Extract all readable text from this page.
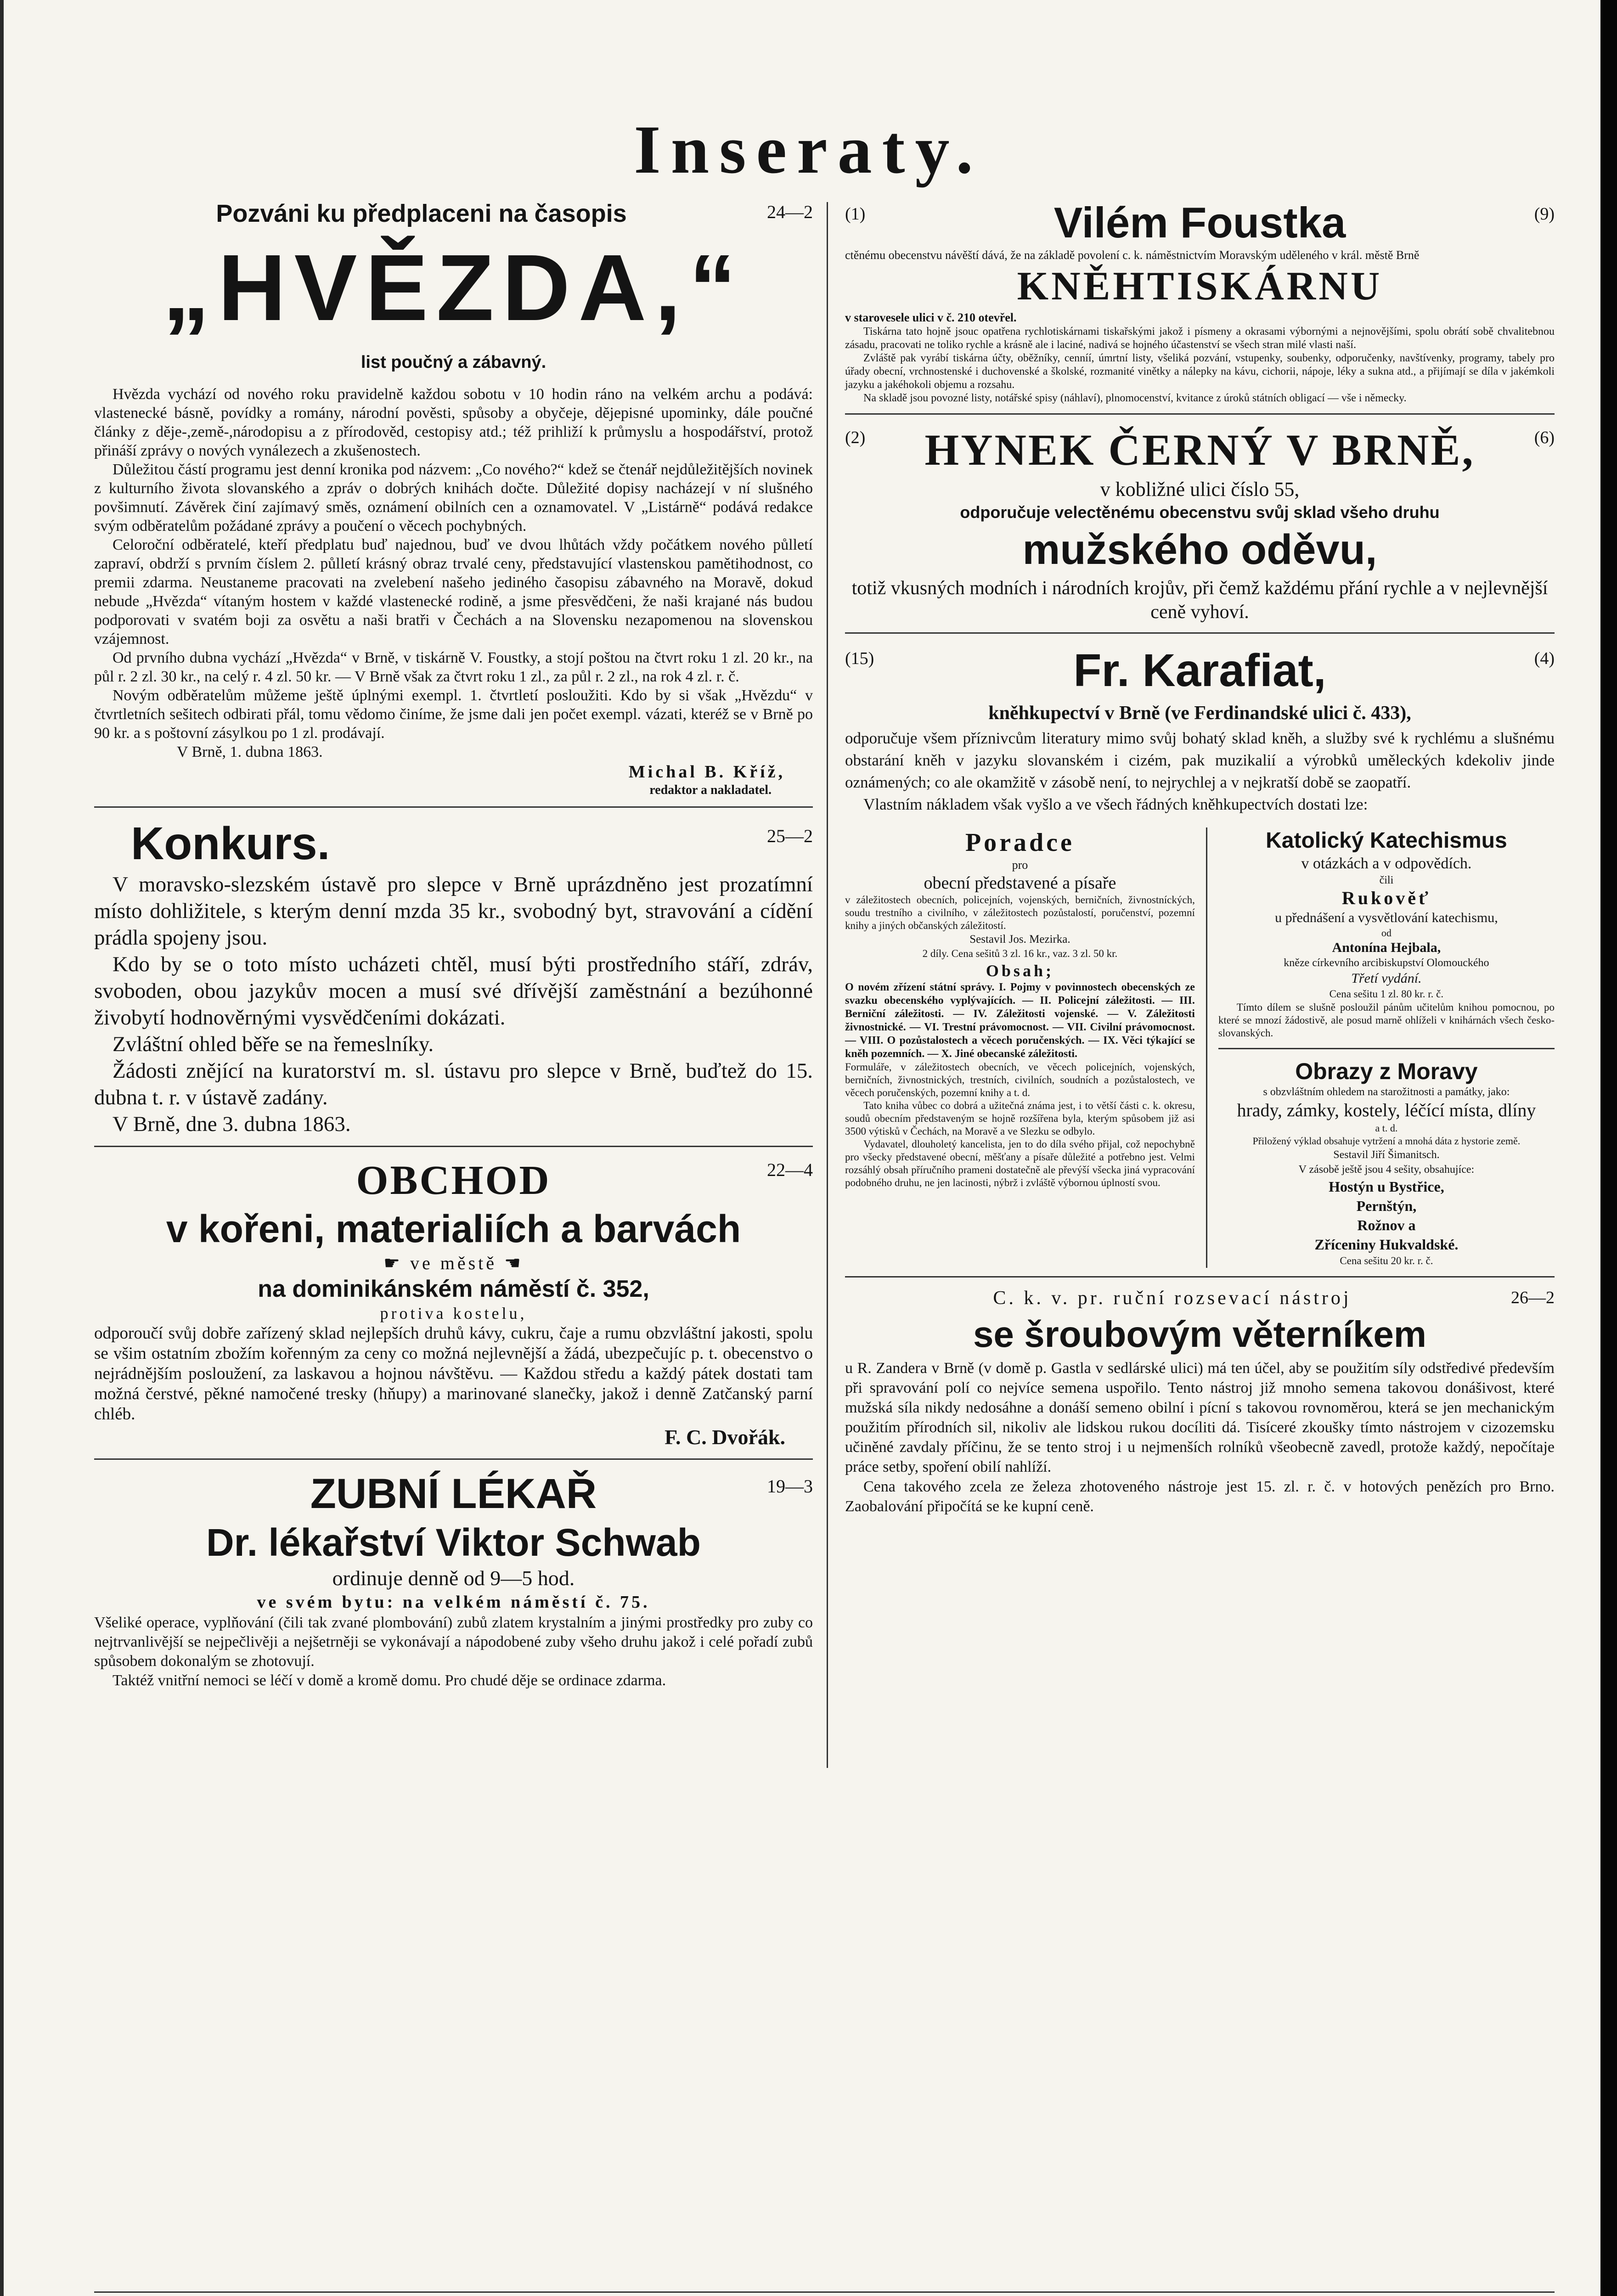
Inseraty.
24—2

Pozváni ku předplaceni na časopis

„HVĚZDA,“

list poučný a zábavný.

Hvězda vychází od nového roku pravidelně každou sobotu v 10 hodin ráno na velkém archu a podává: vlastenecké básně, povídky a romány, národní pověsti, spůsoby a obyčeje, dějepisné upominky, dále poučné články z děje-,země-,národopisu a z přírodověd, cestopisy atd.; též prihliží k průmyslu a hospodářství, protož přináší zprávy o nových vynálezech a zkušenostech.

Důležitou částí programu jest denní kronika pod názvem: „Co nového?“ kdež se čtenář nejdůležitějších novinek z kulturního života slovanského a zpráv o dobrých knihách dočte. Důležité dopisy nacházejí v ní slušného povšimnutí. Závěrek činí zajímavý směs, oznámení obilních cen a oznamovatel. V „Listárně“ podává redakce svým odběratelům požádané zprávy a poučení o věcech pochybných.

Celoroční odběratelé, kteří předplatu buď najednou, buď ve dvou lhůtách vždy počátkem nového půlletí zapraví, obdrží s prvním číslem 2. půlletí krásný obraz trvalé ceny, představující vlastenskou pamětihodnost, co premii zdarma. Neustaneme pracovati na zvelebení našeho jediného časopisu zábavného na Moravě, dokud nebude „Hvězda“ vítaným hostem v každé vlastenecké rodině, a jsme přesvědčeni, že naši krajané nás budou podporovati v svatém boji za osvětu a naši bratři v Čechách a na Slovensku nezapomenou na slovenskou vzájemnost.

Od prvního dubna vychází „Hvězda“ v Brně, v tiskárně V. Foustky, a stojí poštou na čtvrt roku 1 zl. 20 kr., na půl r. 2 zl. 30 kr., na celý r. 4 zl. 50 kr. — V Brně však za čtvrt roku 1 zl., za půl r. 2 zl., na rok 4 zl. r. č.

Novým odběratelům můžeme ještě úplnými exempl. 1. čtvrtletí posloužiti. Kdo by si však „Hvězdu“ v čtvrtletních sešitech odbirati přál, tomu vědomo činíme, že jsme dali jen počet exempl. vázati, kteréž se v Brně po 90 kr. a s poštovní zásylkou po 1 zl. prodávají.

V Brně, 1. dubna 1863.

Michal B. Kříž,

redaktor a nakladatel.

25—2

Konkurs.

V moravsko-slezském ústavě pro slepce v Brně uprázdněno jest prozatímní místo dohližitele, s kterým denní mzda 35 kr., svobodný byt, stravování a cídění prádla spojeny jsou.

Kdo by se o toto místo ucházeti chtěl, musí býti prostředního stáří, zdráv, svoboden, obou jazykův mocen a musí své dřívější zaměstnání a bezúhonné živobytí hodnověrnými vysvědčeními dokázati.

Zvláštní ohled běře se na řemeslníky.

Žádosti znějící na kuratorství m. sl. ústavu pro slepce v Brně, buďtež do 15. dubna t. r. v ústavě zadány.

V Brně, dne 3. dubna 1863.

22—4

OBCHOD

v kořeni, materialiích a barvách

☛ ve městě ☚

na dominikánském náměstí č. 352,

protiva kostelu,

odporoučí svůj dobře zařízený sklad nejlepších druhů kávy, cukru, čaje a rumu obzvláštní jakosti, spolu se všim ostatním zbožím kořenným za ceny co možná nejlevnější a žádá, ubezpečujíc p. t. obecenstvo o nejrádnějším posloužení, za laskavou a hojnou návštěvu. — Každou středu a každý pátek dostati tam možná čerstvé, pěkné namočené tresky (hňupy) a marinované slanečky, jakož i denně Zatčanský parní chléb.

F. C. Dvořák.

19—3

ZUBNÍ LÉKAŘ

Dr. lékařství Viktor Schwab

ordinuje denně od 9—5 hod.

ve svém bytu: na velkém náměstí č. 75.

Všeliké operace, vyplňování (čili tak zvané plombování) zubů zlatem krystalním a jinými prostředky pro zuby co nejtrvanlivější se nejpečlivěji a nejšetrněji se vykonávají a nápodobené zuby všeho druhu jakož i celé pořadí zubů spůsobem dokonalým se zhotovují.

Taktéž vnitřní nemoci se léčí v domě a kromě domu. Pro chudé děje se ordinace zdarma.

(1)	(9)

Vilém Foustka

ctěnému obecenstvu návěští dává, že na základě povolení c. k. náměstnictvím Moravským uděleného v král. městě Brně

KNĚHTISKÁRNU

v starovesele ulici v č. 210 otevřel.

Tiskárna tato hojně jsouc opatřena rychlotiskárnami tiskařskými jakož i písmeny a okrasami výbornými a nejnovějšími, spolu obrátí sobě chvalitebnou zásadu, pracovati ne toliko rychle a krásně ale i laciné, nadivá se hojného účastenství se všech stran milé vlasti naší.

Zvláště pak vyrábí tiskárna účty, oběžníky, cenníí, úmrtní listy, všeliká pozvání, vstupenky, soubenky, odporučenky, navštívenky, programy, tabely pro úřady obecní, vrchnostenské i duchovenské a školské, rozmanité vinětky a nálepky na kávu, cichorii, nápoje, léky a sukna atd., a přijímají se díla v jakémkoli jazyku a jakéhokoli objemu a rozsahu.

Na skladě jsou povozné listy, notářské spisy (náhlaví), plnomocenství, kvitance z úroků státních obligací — vše i německy.

(2)	(6)

HYNEK ČERNÝ V BRNĚ,

v kobližné ulici číslo 55,

odporučuje velectěnému obecenstvu svůj sklad všeho druhu

mužského oděvu,

totiž vkusných modních i národních krojův, při čemž každému přání rychle a v nejlevnější ceně vyhoví.

(15)	(4)

Fr. Karafiat,

kněhkupectví v Brně (ve Ferdinandské ulici č. 433),

odporučuje všem příznivcům literatury mimo svůj bohatý sklad kněh, a služby své k rychlému a slušnému obstarání kněh v jazyku slovanském i cizém, pak muzikalií a výrobků uměleckých kdekoliv jinde oznámených; co ale okamžitě v zásobě není, to nejrychlej a v nejkratší době se zaopatří.

Vlastním nákladem však vyšlo a ve všech řádných kněhkupectvích dostati lze:

Poradce

pro

obecní představené a písaře

v záležitostech obecních, policejních, vojenských, berničních, živnostníckých, soudu trestního a civilního, v záležitostech pozůstalostí, poručenství, pozemní knihy a jiných občanských záležitostí.

Sestavil Jos. Mezirka.

2 díly. Cena sešitů 3 zl. 16 kr., vaz. 3 zl. 50 kr.

Obsah;

O novém zřízení státní správy. I. Pojmy v povinnostech obecenských ze svazku obecenského vyplývajících. — II. Policejní záležitosti. — III. Berniční záležitosti. — IV. Záležitosti vojenské. — V. Záležitosti živnostnické. — VI. Trestní právomocnost. — VII. Civilní právomocnost. — VIII. O pozůstalostech a věcech poručenských. — IX. Věci týkající se kněh pozemních. — X. Jiné obecanské záležitosti.

Formuláře, v záležitostech obecních, ve věcech policejních, vojenských, berničních, živnostnických, trestních, civilních, soudních a pozůstalostech, ve věcech poručenských, pozemní knihy a t. d.

Tato kniha vůbec co dobrá a užitečná známa jest, i to větší části c. k. okresu, soudů obecním představeným se hojně rozšířena byla, kterým spůsobem již asi 3500 výtisků v Čechách, na Moravě a ve Slezku se odbylo.

Vydavatel, dlouholetý kancelista, jen to do díla svého přijal, což nepochybně pro všecky představené obecní, měšťany a písaře důležité a potřebno jest. Velmi rozsáhlý obsah příručního prameni dostatečně ale převýší všecka jiná vypracování podobného druhu, ne jen lacinosti, nýbrž i zvláště výbornou úplností svou.

Katolický Katechismus

v otázkách a v odpovědích.

čili

Rukověť

u přednášení a vysvětlování katechismu,

od

Antonína Hejbala,

kněze církevního arcibiskupství Olomouckého

Třetí vydání.

Cena sešitu 1 zl. 80 kr. r. č.

Tímto dílem se slušně posloužil pánům učitelům knihou pomocnou, po které se mnozí žádostivě, ale posud marně ohlíželi v knihárnách všech česko-slovanských.

Obrazy z Moravy

s obzvláštním ohledem na starožitnosti a památky, jako:

hrady, zámky, kostely, léčící místa, dlíny

a t. d.

Přiložený výklad obsahuje vytržení a mnohá dáta z hystorie země.

Sestavil Jiří Šimanitsch.

V zásobě ještě jsou 4 sešity, obsahujíce:

Hostýn u Bystřice,

Pernštýn,

Rožnov a

Zříceniny Hukvaldské.

Cena sešitu 20 kr. r. č.

26—2

C. k. v. pr. ruční rozsevací nástroj

se šroubovým věterníkem

u R. Zandera v Brně (v domě p. Gastla v sedlárské ulici) má ten účel, aby se použitím síly odstředivé především při spravování polí co nejvíce semena uspořilo. Tento nástroj již mnoho semena takovou donášivost, které mužská síla nikdy nedosáhne a donáší semeno obilní i pícní s takovou rovnoměrou, která se jen mechanickým použitím přírodních sil, nikoliv ale lidskou rukou docíliti dá. Tisíceré zkoušky tímto nástrojem v cizozemsku učiněné zavdaly příčinu, že se tento stroj i u nejmenších rolníků všeobecně zavedl, protože každý, nepočítaje práce setby, spoření obilí nahlíží.

Cena takového zcela ze železa zhotoveného nástroje jest 15. zl. r. č. v hotových penězích pro Brno. Zaobalování připočítá se ke kupní ceně.
